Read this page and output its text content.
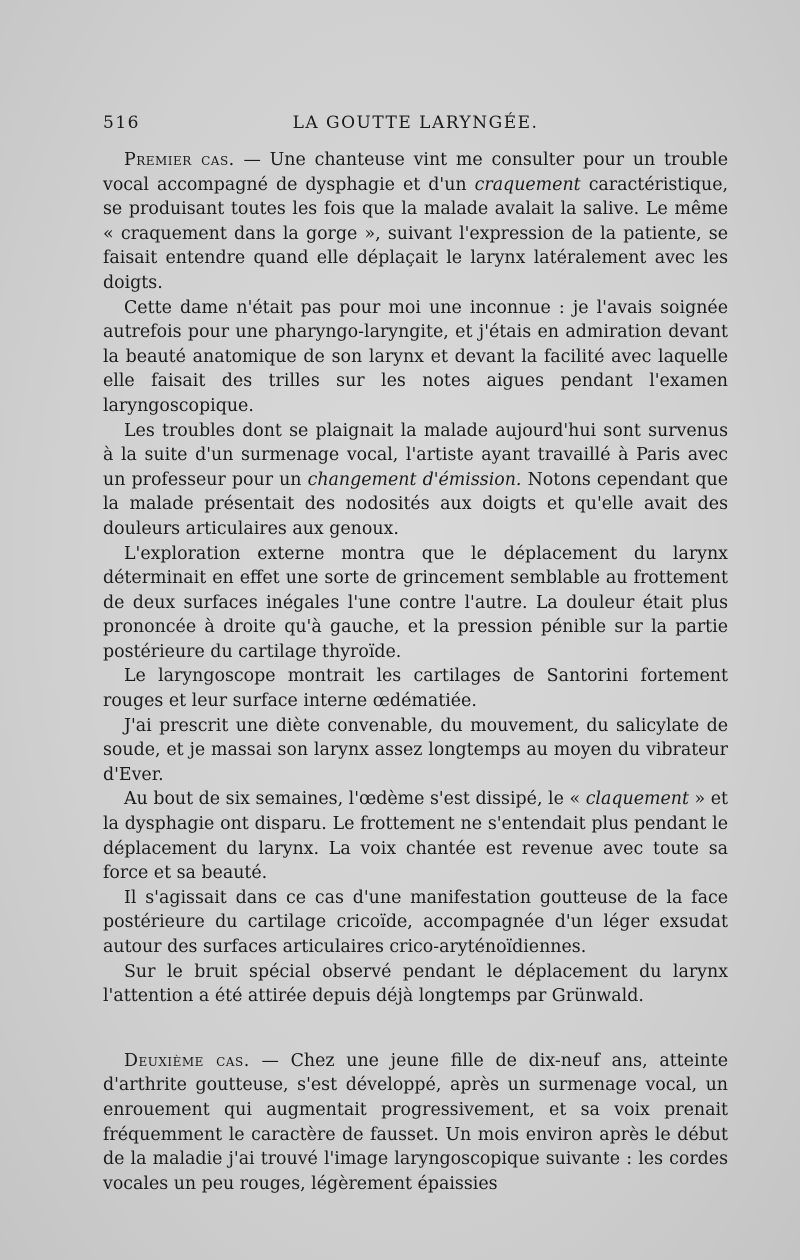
516	LA GOUTTE LARYNGÉE.

Premier cas. — Une chanteuse vint me consulter pour un trouble vocal accompagné de dysphagie et d'un craquement caractéristique, se produisant toutes les fois que la malade avalait la salive. Le même « craquement dans la gorge », suivant l'expression de la patiente, se faisait entendre quand elle déplaçait le larynx latéralement avec les doigts.

Cette dame n'était pas pour moi une inconnue : je l'avais soignée autrefois pour une pharyngo-laryngite, et j'étais en admiration devant la beauté anatomique de son larynx et devant la facilité avec laquelle elle faisait des trilles sur les notes aigues pendant l'examen laryngoscopique.

Les troubles dont se plaignait la malade aujourd'hui sont survenus à la suite d'un surmenage vocal, l'artiste ayant travaillé à Paris avec un professeur pour un changement d'émission. Notons cependant que la malade présentait des nodosités aux doigts et qu'elle avait des douleurs articulaires aux genoux.

L'exploration externe montra que le déplacement du larynx déterminait en effet une sorte de grincement semblable au frottement de deux surfaces inégales l'une contre l'autre. La douleur était plus prononcée à droite qu'à gauche, et la pression pénible sur la partie postérieure du cartilage thyroïde.

Le laryngoscope montrait les cartilages de Santorini fortement rouges et leur surface interne œdématiée.

J'ai prescrit une diète convenable, du mouvement, du salicylate de soude, et je massai son larynx assez longtemps au moyen du vibrateur d'Ever.

Au bout de six semaines, l'œdème s'est dissipé, le « claquement » et la dysphagie ont disparu. Le frottement ne s'entendait plus pendant le déplacement du larynx. La voix chantée est revenue avec toute sa force et sa beauté.

Il s'agissait dans ce cas d'une manifestation goutteuse de la face postérieure du cartilage cricoïde, accompagnée d'un léger exsudat autour des surfaces articulaires crico-aryténoïdiennes.

Sur le bruit spécial observé pendant le déplacement du larynx l'attention a été attirée depuis déjà longtemps par Grünwald.

Deuxième cas. — Chez une jeune fille de dix-neuf ans, atteinte d'arthrite goutteuse, s'est développé, après un surmenage vocal, un enrouement qui augmentait progressivement, et sa voix prenait fréquemment le caractère de fausset. Un mois environ après le début de la maladie j'ai trouvé l'image laryngoscopique suivante : les cordes vocales un peu rouges, légèrement épaissies
